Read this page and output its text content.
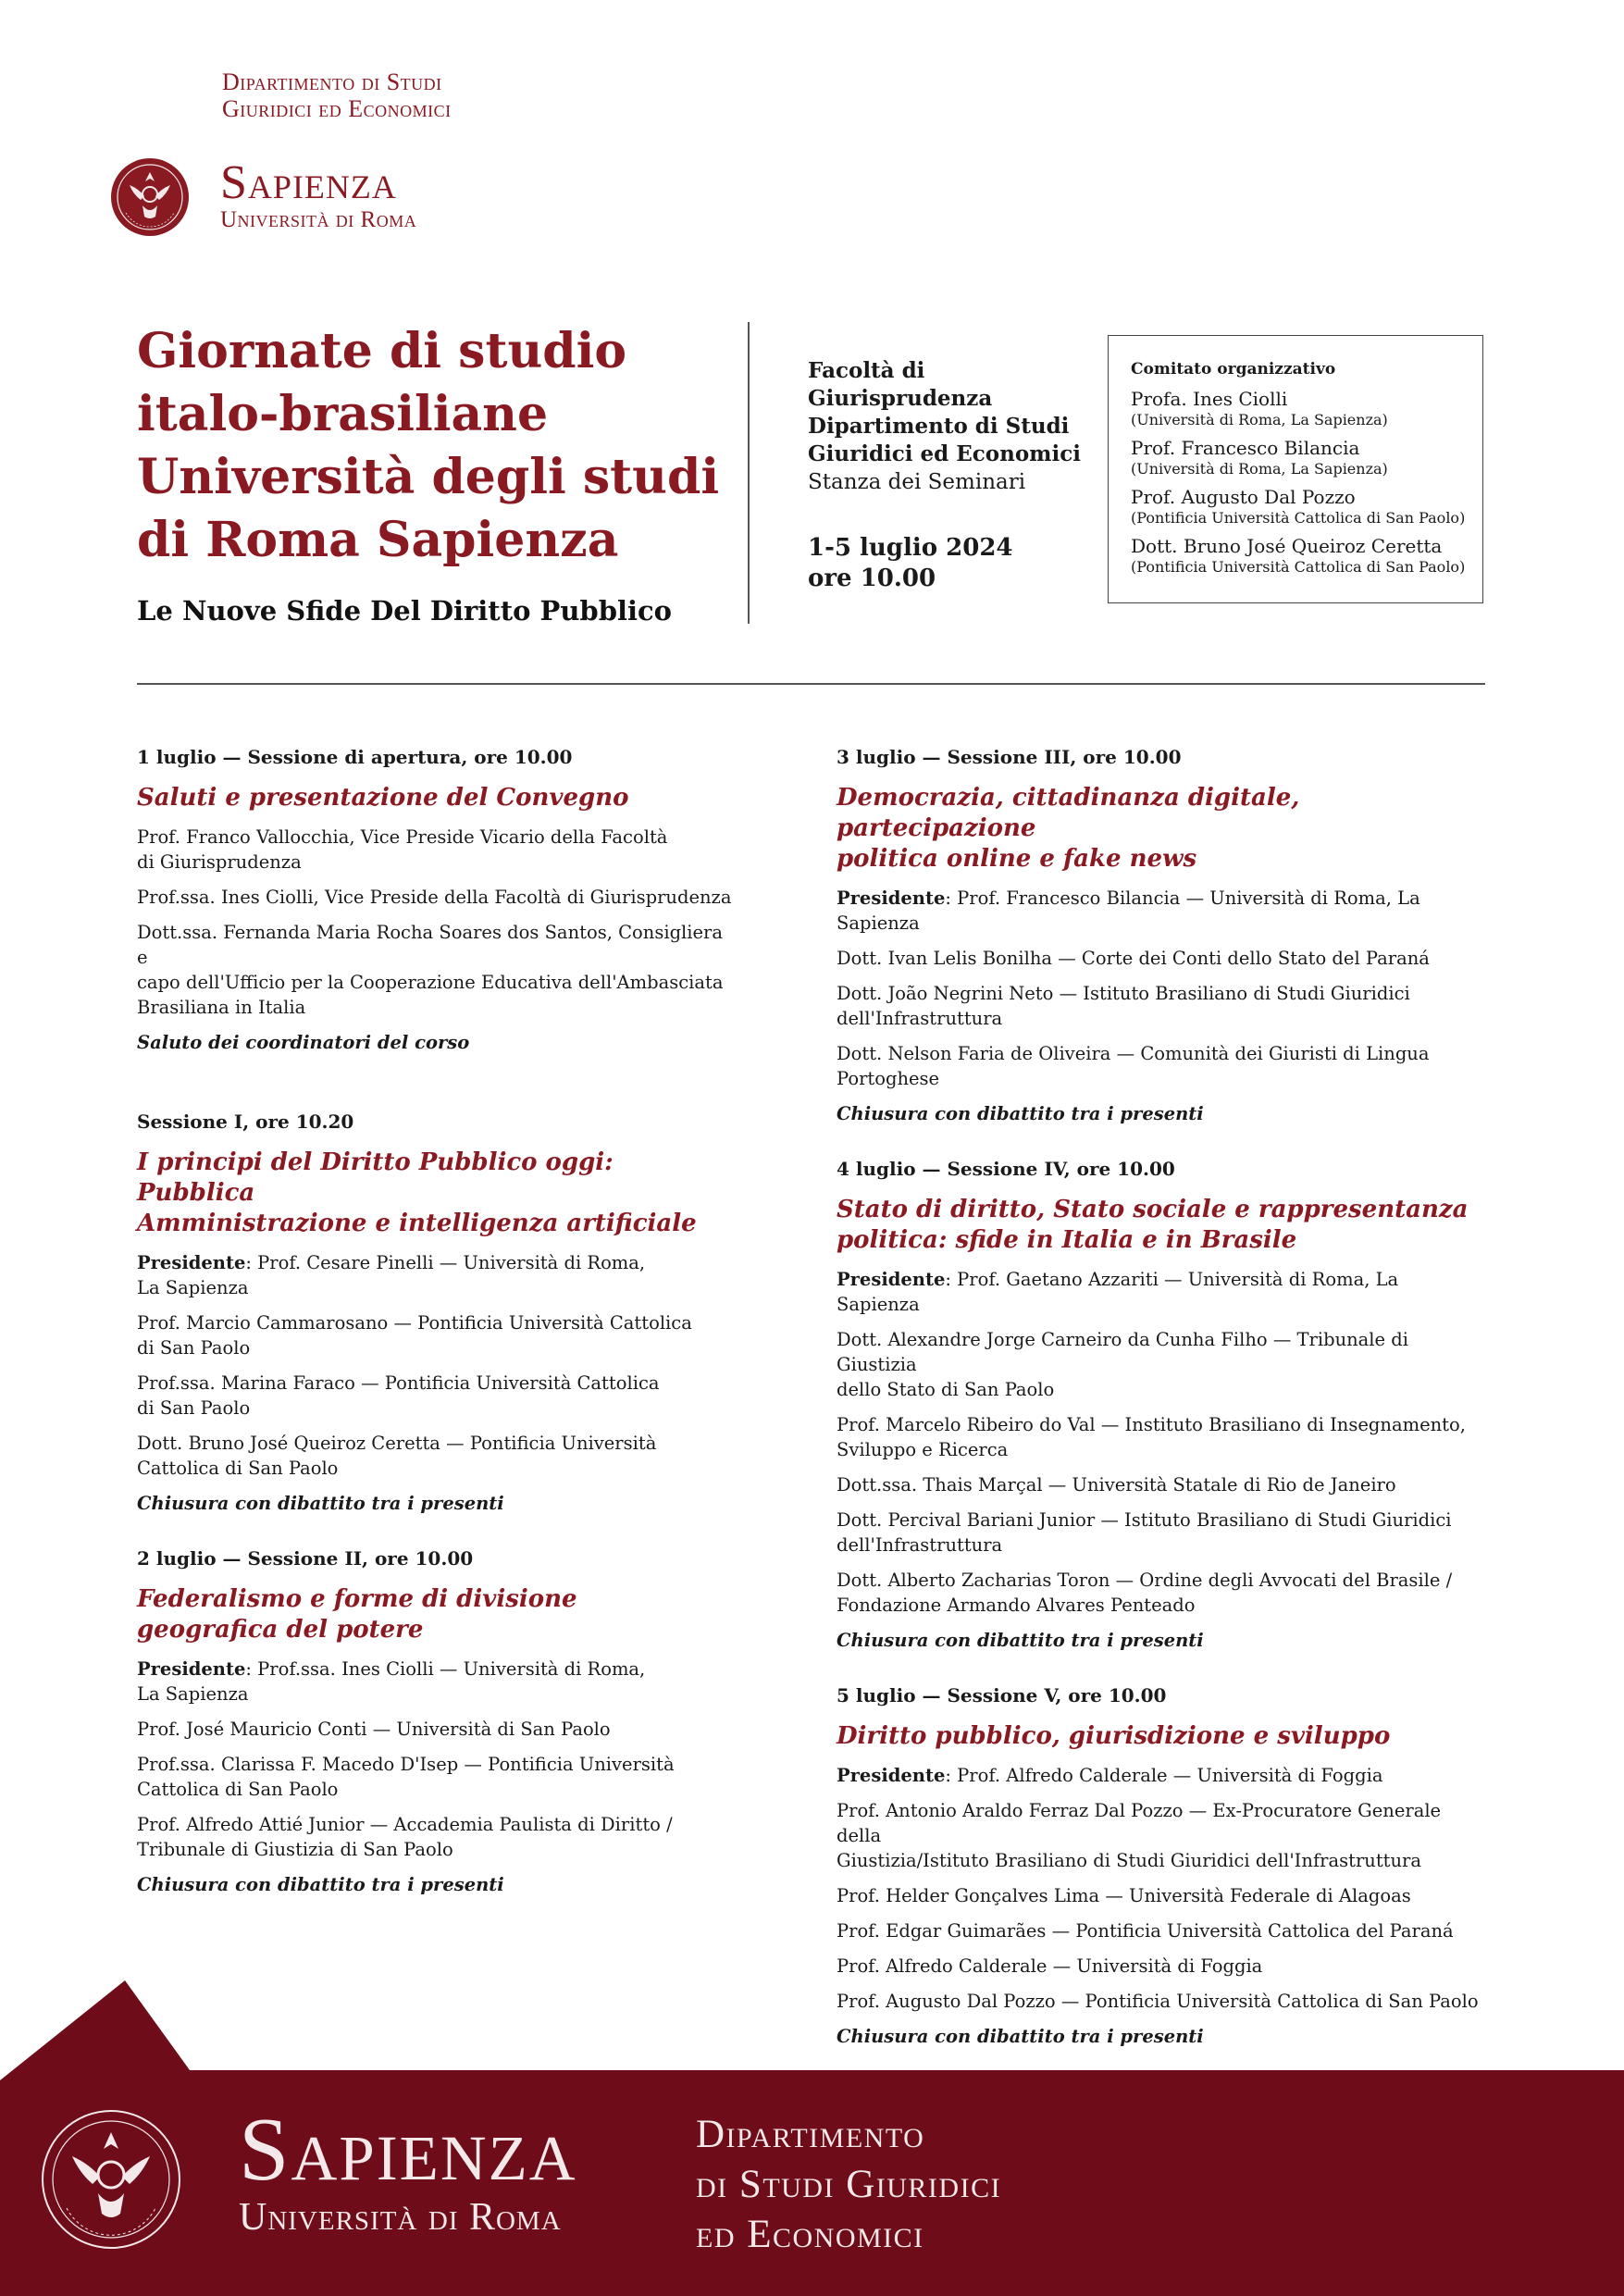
Dipartimento di Studi
Giuridici ed Economici
Sapienza
Università di Roma
Giornate di studio
italo-brasiliane
Università degli studi
di Roma Sapienza
Le Nuove Sfide Del Diritto Pubblico
Facoltà di
Giurisprudenza
Dipartimento di Studi
Giuridici ed Economici
Stanza dei Seminari
1-5 luglio 2024
ore 10.00
Comitato organizzativo
Profa. Ines Ciolli
(Università di Roma, La Sapienza)
Prof. Francesco Bilancia
(Università di Roma, La Sapienza)
Prof. Augusto Dal Pozzo
(Pontificia Università Cattolica di San Paolo)
Dott. Bruno José Queiroz Ceretta
(Pontificia Università Cattolica di San Paolo)
1 luglio — Sessione di apertura, ore 10.00
Saluti e presentazione del Convegno
Prof. Franco Vallocchia, Vice Preside Vicario della Facoltà
di Giurisprudenza
Prof.ssa. Ines Ciolli, Vice Preside della Facoltà di Giurisprudenza
Dott.ssa. Fernanda Maria Rocha Soares dos Santos, Consigliera e
capo dell'Ufficio per la Cooperazione Educativa dell'Ambasciata
Brasiliana in Italia
Saluto dei coordinatori del corso
Sessione I, ore 10.20
I principi del Diritto Pubblico oggi: Pubblica
Amministrazione e intelligenza artificiale
Presidente: Prof. Cesare Pinelli — Università di Roma,
La Sapienza
Prof. Marcio Cammarosano — Pontificia Università Cattolica
di San Paolo
Prof.ssa. Marina Faraco — Pontificia Università Cattolica
di San Paolo
Dott. Bruno José Queiroz Ceretta — Pontificia Università
Cattolica di San Paolo
Chiusura con dibattito tra i presenti
2 luglio — Sessione II, ore 10.00
Federalismo e forme di divisione
geografica del potere
Presidente: Prof.ssa. Ines Ciolli — Università di Roma,
La Sapienza
Prof. José Mauricio Conti — Università di San Paolo
Prof.ssa. Clarissa F. Macedo D'Isep — Pontificia Università
Cattolica di San Paolo
Prof. Alfredo Attié Junior — Accademia Paulista di Diritto /
Tribunale di Giustizia di San Paolo
Chiusura con dibattito tra i presenti
3 luglio — Sessione III, ore 10.00
Democrazia, cittadinanza digitale, partecipazione
politica online e fake news
Presidente: Prof. Francesco Bilancia — Università di Roma, La Sapienza
Dott. Ivan Lelis Bonilha — Corte dei Conti dello Stato del Paraná
Dott. João Negrini Neto — Istituto Brasiliano di Studi Giuridici
dell'Infrastruttura
Dott. Nelson Faria de Oliveira — Comunità dei Giuristi di Lingua Portoghese
Chiusura con dibattito tra i presenti
4 luglio — Sessione IV, ore 10.00
Stato di diritto, Stato sociale e rappresentanza
politica: sfide in Italia e in Brasile
Presidente: Prof. Gaetano Azzariti — Università di Roma, La Sapienza
Dott. Alexandre Jorge Carneiro da Cunha Filho — Tribunale di Giustizia
dello Stato di San Paolo
Prof. Marcelo Ribeiro do Val — Instituto Brasiliano di Insegnamento,
Sviluppo e Ricerca
Dott.ssa. Thais Marçal — Università Statale di Rio de Janeiro
Dott. Percival Bariani Junior — Istituto Brasiliano di Studi Giuridici
dell'Infrastruttura
Dott. Alberto Zacharias Toron — Ordine degli Avvocati del Brasile /
Fondazione Armando Alvares Penteado
Chiusura con dibattito tra i presenti
5 luglio — Sessione V, ore 10.00
Diritto pubblico, giurisdizione e sviluppo
Presidente: Prof. Alfredo Calderale — Università di Foggia
Prof. Antonio Araldo Ferraz Dal Pozzo — Ex-Procuratore Generale della
Giustizia/Istituto Brasiliano di Studi Giuridici dell'Infrastruttura
Prof. Helder Gonçalves Lima — Università Federale di Alagoas
Prof. Edgar Guimarães — Pontificia Università Cattolica del Paraná
Prof. Alfredo Calderale — Università di Foggia
Prof. Augusto Dal Pozzo — Pontificia Università Cattolica di San Paolo
Chiusura con dibattito tra i presenti
Sapienza
Università di Roma
Dipartimento
di Studi Giuridici
ed Economici
